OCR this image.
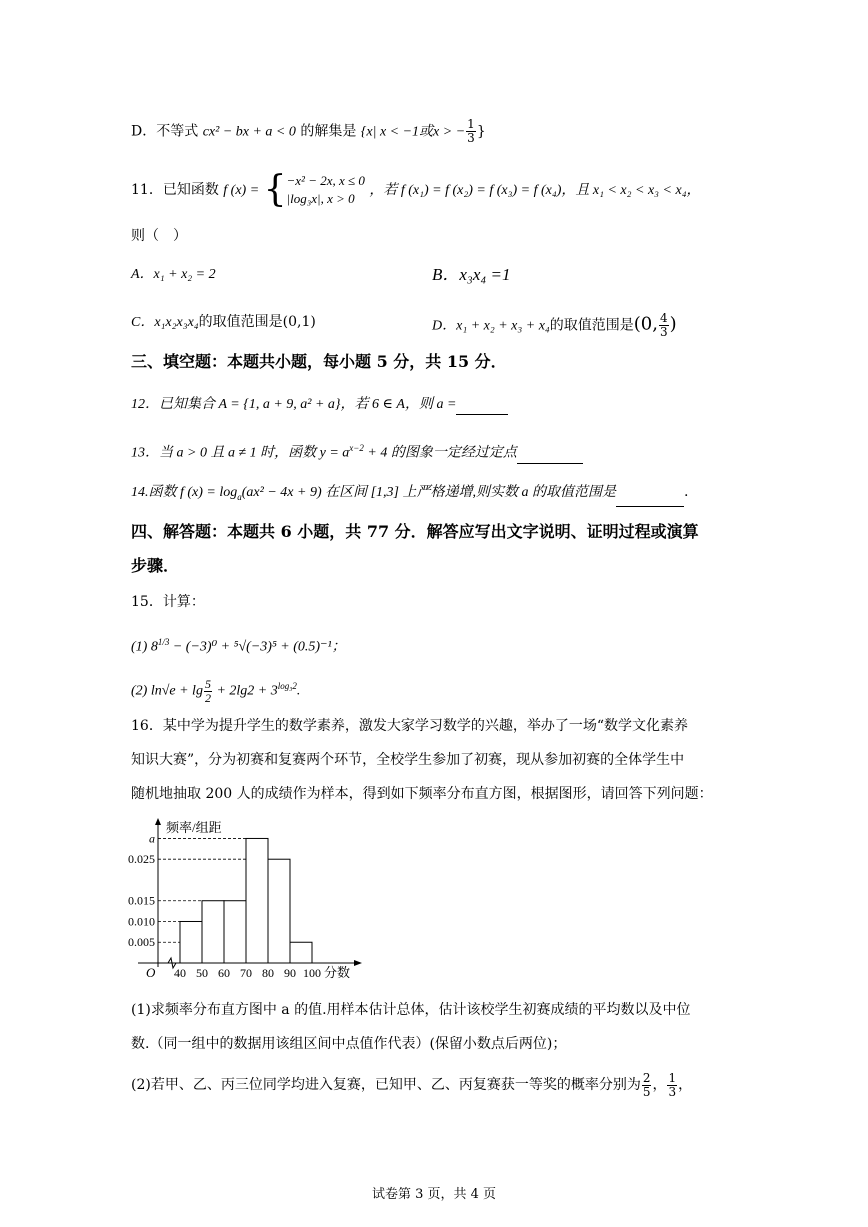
D．不等式 cx² − bx + a < 0 的解集是 {x| x < −1或x > − $\frac{1}{3}$ }
11．已知函数 f (x) = { −x² − 2x, x ≤ 0
|log₃x|, x > 0
，若 f (x₁) = f (x₂) = f (x₃) = f (x₄)，且 x₁ < x₂ < x₃ < x₄，
则（　）
A．x₁ + x₂ = 2	B．x₃x₄ =1
C．x₁x₂x₃x₄的取值范围是(0,1)	D．x₁ + x₂ + x₃ + x₄的取值范围是(0, $\frac{4}{3}$ )
三、填空题：本题共小题，每小题 5 分，共 15 分．
12．已知集合 A = {1, a + 9, a² + a}，若 6 ∈ A，则 a =
13．当 a > 0 且 a ≠ 1 时，函数 $y = a^{x-2} + 4$ 的图象一定经过定点
14.函数 f $(x) = \log_a(ax^2 - 4x + 9)$ 在区间 [1,3] 上严格递增,则实数 a 的取值范围是	.
四、解答题：本题共 6 小题，共 77 分．解答应写出文字说明、证明过程或演算
步骤．
15．计算：
(1) $8^{1/3} - (-3)^0 + ^5√(-3)^5 + (0.5)^{-1}$；
(2) $\ln√e + \lg \frac{5}{2} + 2\lg 2 + 3^{log_32}$.
16．某中学为提升学生的数学素养，激发大家学习数学的兴趣，举办了一场“数学文化素养
知识大赛”，分为初赛和复赛两个环节，全校学生参加了初赛，现从参加初赛的全体学生中
随机地抽取 200 人的成绩作为样本，得到如下频率分布直方图，根据图形，请回答下列问题：
a
0.025
0.015
0.010
0.005
40 50 60 70 80 90 100 分数
频率/组距
O
(1)求频率分布直方图中 a 的值.用样本估计总体，估计该校学生初赛成绩的平均数以及中位
数.（同一组中的数据用该组区间中点值作代表）(保留小数点后两位)；
(2)若甲、乙、丙三位同学均进入复赛，已知甲、乙、丙复赛获一等奖的概率分别为 $\frac{2}{5}$ ， $\frac{1}{3}$ ，
试卷第 3 页，共 4 页
